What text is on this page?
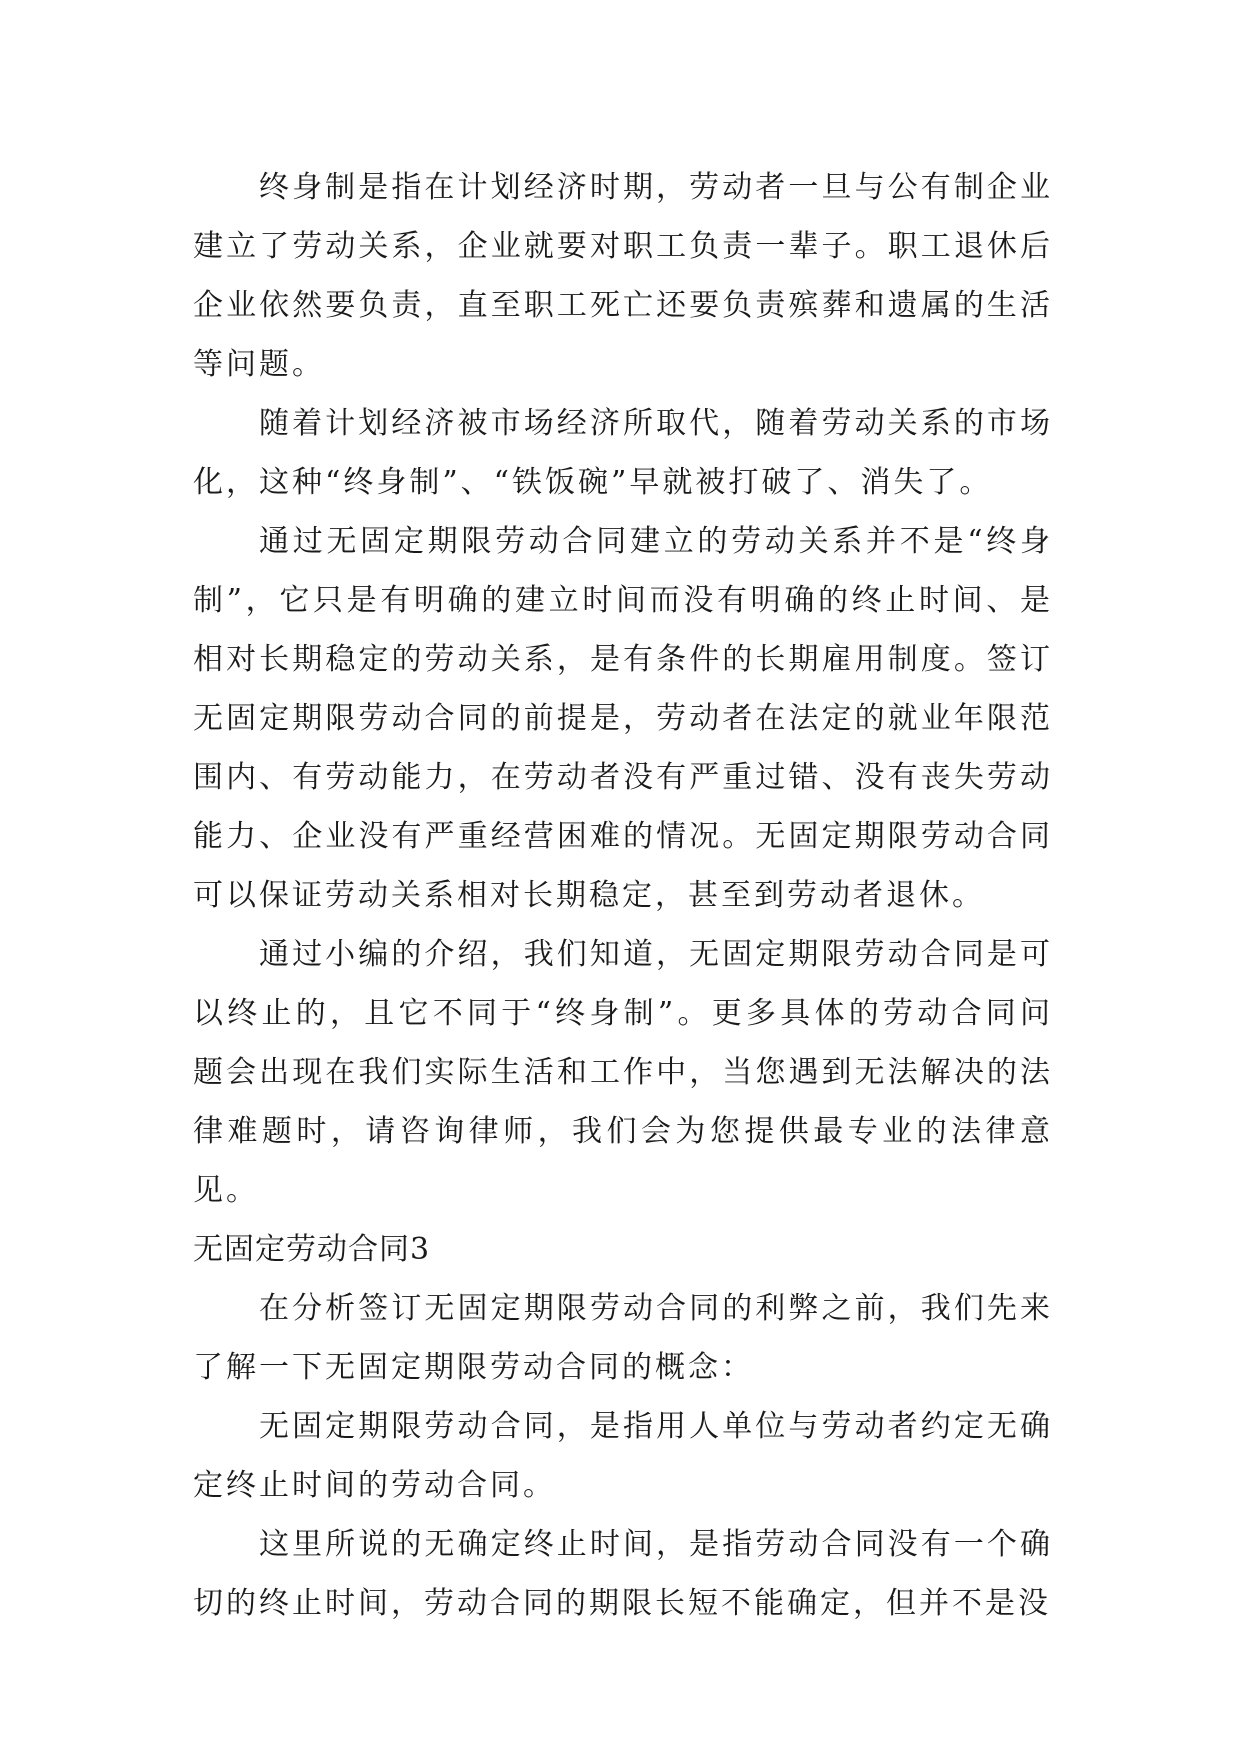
终身制是指在计划经济时期，劳动者一旦与公有制企业建立了劳动关系，企业就要对职工负责一辈子。职工退休后企业依然要负责，直至职工死亡还要负责殡葬和遗属的生活等问题。

随着计划经济被市场经济所取代，随着劳动关系的市场化，这种“终身制”、“铁饭碗”早就被打破了、消失了。

通过无固定期限劳动合同建立的劳动关系并不是“终身制”，它只是有明确的建立时间而没有明确的终止时间、是相对长期稳定的劳动关系，是有条件的长期雇用制度。签订无固定期限劳动合同的前提是，劳动者在法定的就业年限范围内、有劳动能力，在劳动者没有严重过错、没有丧失劳动能力、企业没有严重经营困难的情况。无固定期限劳动合同可以保证劳动关系相对长期稳定，甚至到劳动者退休。

通过小编的介绍，我们知道，无固定期限劳动合同是可以终止的，且它不同于“终身制”。更多具体的劳动合同问题会出现在我们实际生活和工作中，当您遇到无法解决的法律难题时，请咨询律师，我们会为您提供最专业的法律意见。

无固定劳动合同3

在分析签订无固定期限劳动合同的利弊之前，我们先来了解一下无固定期限劳动合同的概念：

无固定期限劳动合同，是指用人单位与劳动者约定无确定终止时间的劳动合同。

这里所说的无确定终止时间，是指劳动合同没有一个确切的终止时间，劳动合同的期限长短不能确定，但并不是没
